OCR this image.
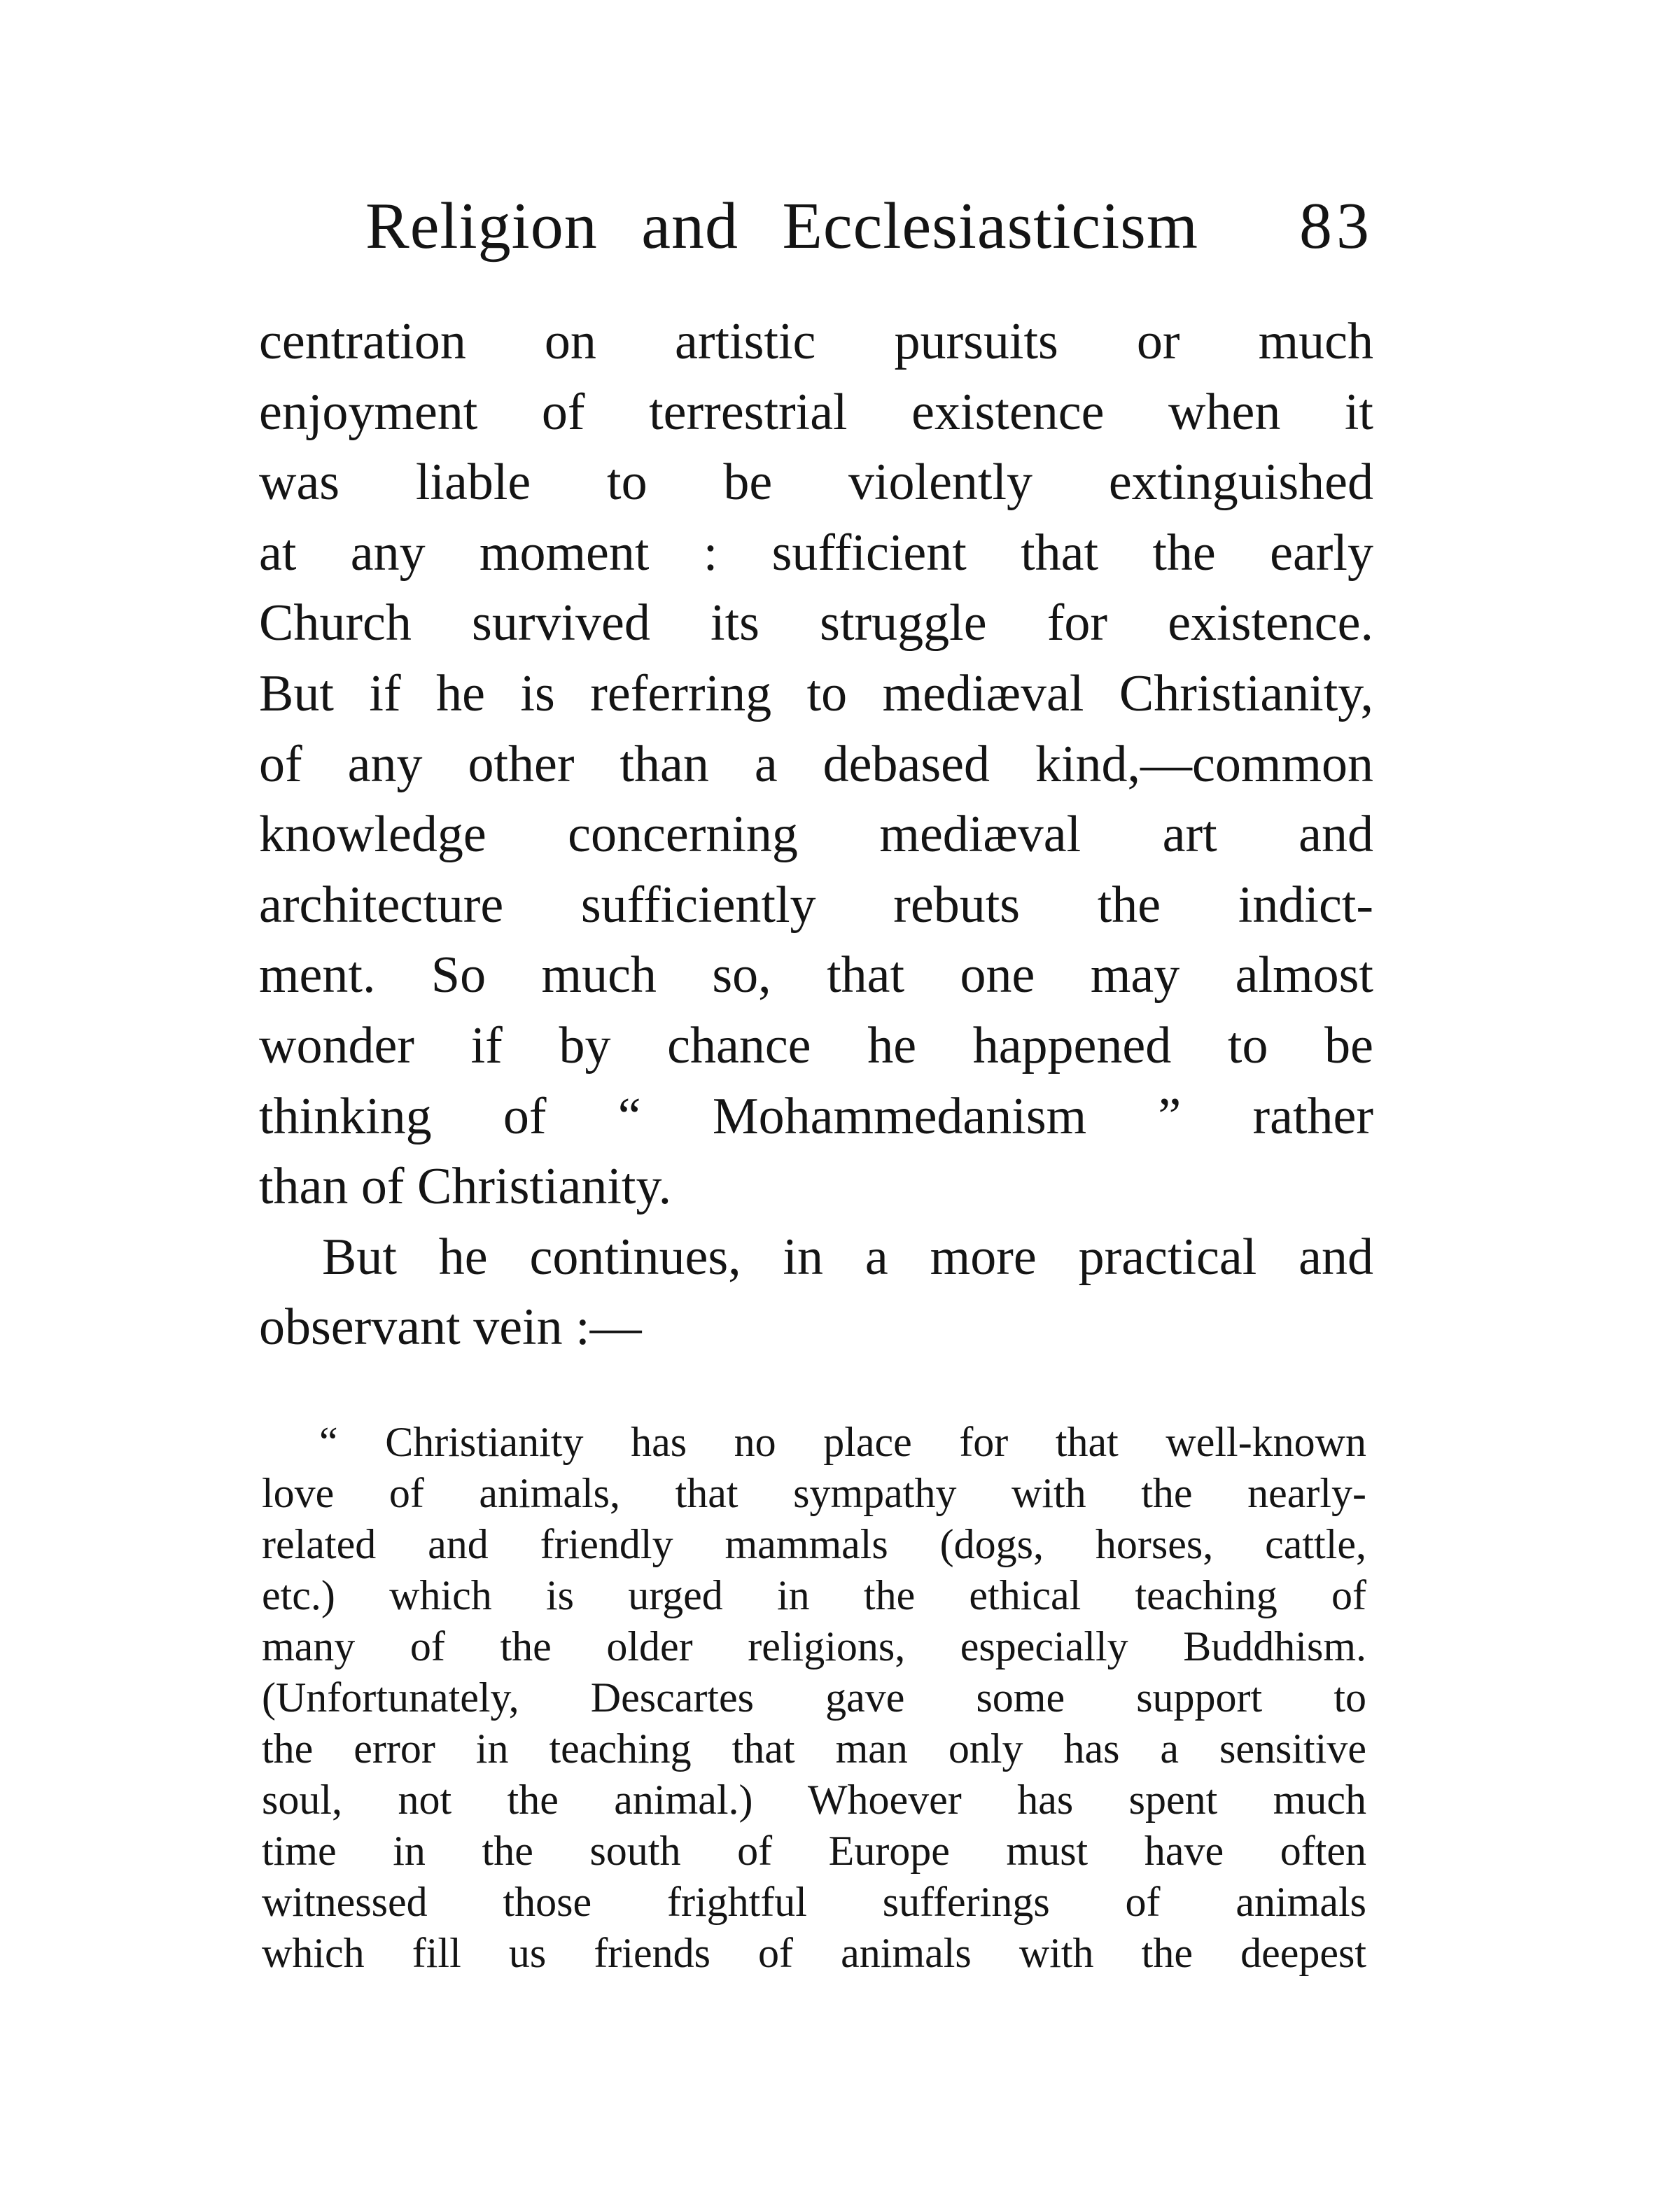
Religion and Ecclesiasticism 83
centration on artistic pursuits or much
enjoyment of terrestrial existence when it
was liable to be violently extinguished
at any moment : sufficient that the early
Church survived its struggle for existence.
But if he is referring to mediæval Christianity,
of any other than a debased kind,—common
knowledge concerning mediæval art and
architecture sufficiently rebuts the indict-
ment. So much so, that one may almost
wonder if by chance he happened to be
thinking of “ Mohammedanism ” rather
than of Christianity.
But he continues, in a more practical and
observant vein :—
“ Christianity has no place for that well-known
love of animals, that sympathy with the nearly-
related and friendly mammals (dogs, horses, cattle,
etc.) which is urged in the ethical teaching of
many of the older religions, especially Buddhism.
(Unfortunately, Descartes gave some support to
the error in teaching that man only has a sensitive
soul, not the animal.) Whoever has spent much
time in the south of Europe must have often
witnessed those frightful sufferings of animals
which fill us friends of animals with the deepest
